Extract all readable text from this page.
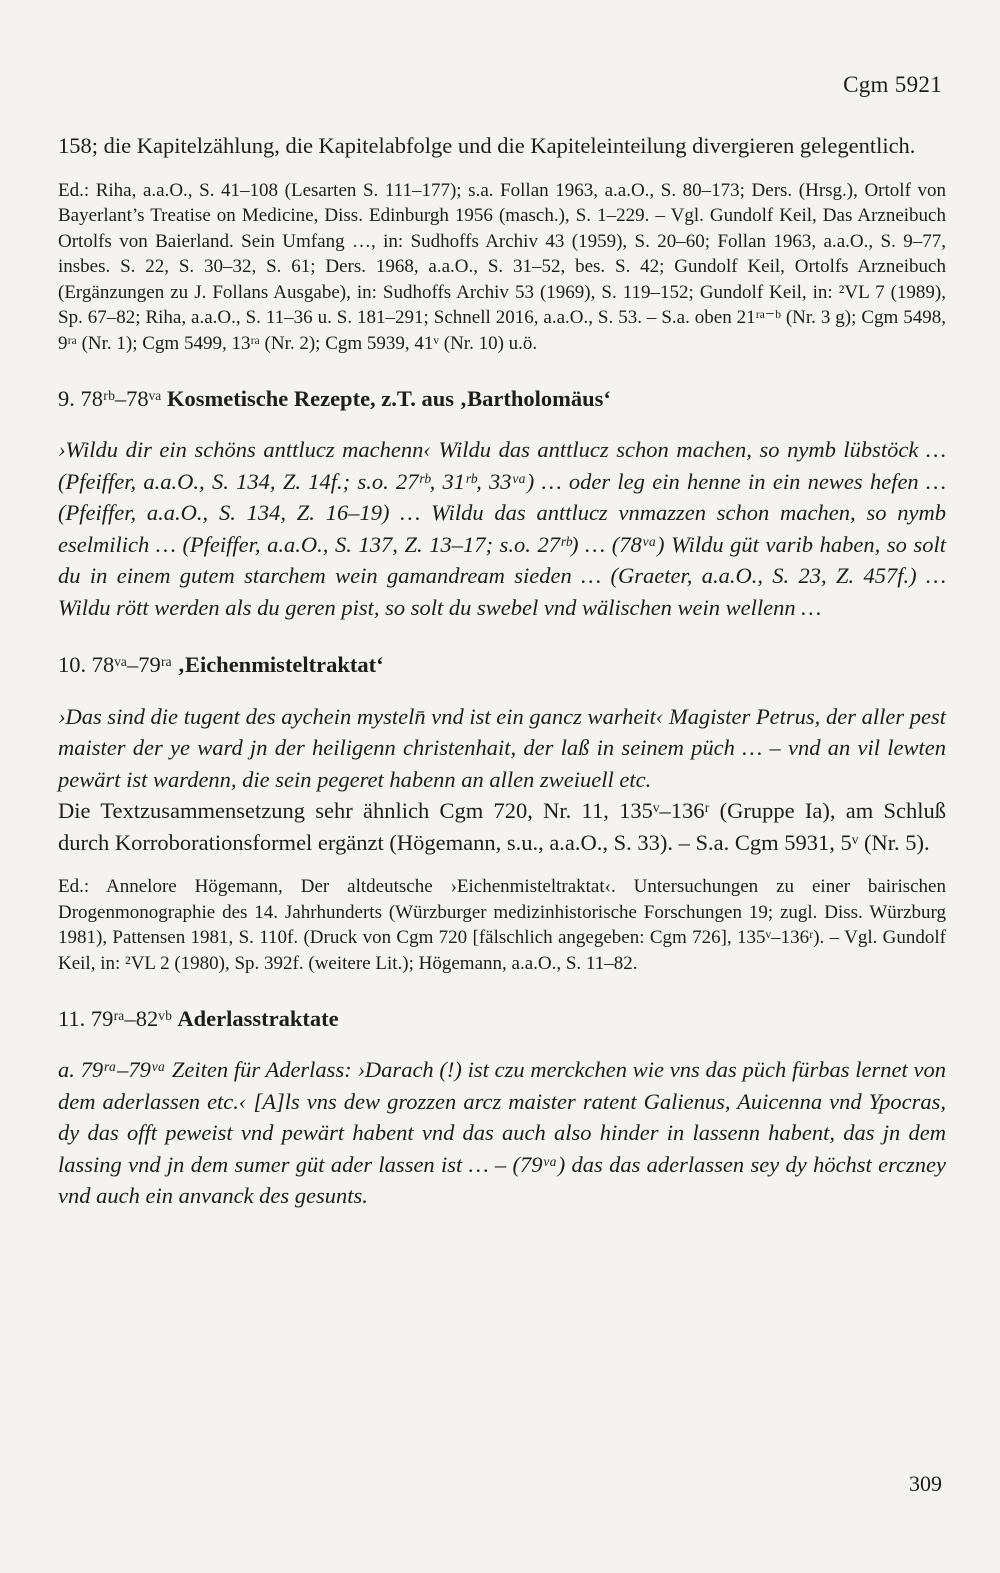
Cgm 5921

158; die Kapitelzählung, die Kapitelabfolge und die Kapiteleinteilung divergieren gelegentlich.

Ed.: Riha, a.a.O., S. 41–108 (Lesarten S. 111–177); s.a. Follan 1963, a.a.O., S. 80–173; Ders. (Hrsg.), Ortolf von Bayerlant’s Treatise on Medicine, Diss. Edinburgh 1956 (masch.), S. 1–229. – Vgl. Gundolf Keil, Das Arzneibuch Ortolfs von Baierland. Sein Umfang …, in: Sudhoffs Archiv 43 (1959), S. 20–60; Follan 1963, a.a.O., S. 9–77, insbes. S. 22, S. 30–32, S. 61; Ders. 1968, a.a.O., S. 31–52, bes. S. 42; Gundolf Keil, Ortolfs Arzneibuch (Ergänzungen zu J. Follans Ausgabe), in: Sudhoffs Archiv 53 (1969), S. 119–152; Gundolf Keil, in: ²VL 7 (1989), Sp. 67–82; Riha, a.a.O., S. 11–36 u. S. 181–291; Schnell 2016, a.a.O., S. 53. – S.a. oben 21ʳᵃ⁻ᵇ (Nr. 3 g); Cgm 5498, 9ʳᵃ (Nr. 1); Cgm 5499, 13ʳᵃ (Nr. 2); Cgm 5939, 41ᵛ (Nr. 10) u.ö.

9. 78ʳᵇ–78ᵛᵃ Kosmetische Rezepte, z.T. aus ‚Bartholomäus‘

›Wildu dir ein schöns anttlucz machenn‹ Wildu das anttlucz schon machen, so nymb lübstöck … (Pfeiffer, a.a.O., S. 134, Z. 14f.; s.o. 27ʳᵇ, 31ʳᵇ, 33ᵛᵃ) … oder leg ein henne in ein newes hefen … (Pfeiffer, a.a.O., S. 134, Z. 16–19) … Wildu das anttlucz vnmazzen schon machen, so nymb eselmilich … (Pfeiffer, a.a.O., S. 137, Z. 13–17; s.o. 27ʳᵇ) … (78ᵛᵃ) Wildu güt varib haben, so solt du in einem gutem starchem wein gamandream sieden … (Graeter, a.a.O., S. 23, Z. 457f.) … Wildu rött werden als du geren pist, so solt du swebel vnd wälischen wein wellenn …

10. 78ᵛᵃ–79ʳᵃ ‚Eichenmisteltraktat‘

›Das sind die tugent des aychein mysteln̄ vnd ist ein gancz warheit‹ Magister Petrus, der aller pest maister der ye ward jn der heiligenn christenhait, der laß in seinem püch … – vnd an vil lewten pewärt ist wardenn, die sein pegeret habenn an allen zweiuell etc.

Die Textzusammensetzung sehr ähnlich Cgm 720, Nr. 11, 135ᵛ–136ʳ (Gruppe Ia), am Schluß durch Korroborationsformel ergänzt (Högemann, s.u., a.a.O., S. 33). – S.a. Cgm 5931, 5ᵛ (Nr. 5).

Ed.: Annelore Högemann, Der altdeutsche ›Eichenmisteltraktat‹. Untersuchungen zu einer bairischen Drogenmonographie des 14. Jahrhunderts (Würzburger medizinhistorische Forschungen 19; zugl. Diss. Würzburg 1981), Pattensen 1981, S. 110f. (Druck von Cgm 720 [fälschlich angegeben: Cgm 726], 135ᵛ–136ʳ). – Vgl. Gundolf Keil, in: ²VL 2 (1980), Sp. 392f. (weitere Lit.); Högemann, a.a.O., S. 11–82.

11. 79ʳᵃ–82ᵛᵇ Aderlasstraktate

a. 79ʳᵃ–79ᵛᵃ Zeiten für Aderlass: ›Darach (!) ist czu merckchen wie vns das püch fürbas lernet von dem aderlassen etc.‹ [A]ls vns dew grozzen arcz maister ratent Galienus, Auicenna vnd Ypocras, dy das offt peweist vnd pewärt habent vnd das auch also hinder in lassenn habent, das jn dem lassing vnd jn dem sumer güt ader lassen ist … – (79ᵛᵃ) das das aderlassen sey dy höchst erczney vnd auch ein anvanck des gesunts.

309
